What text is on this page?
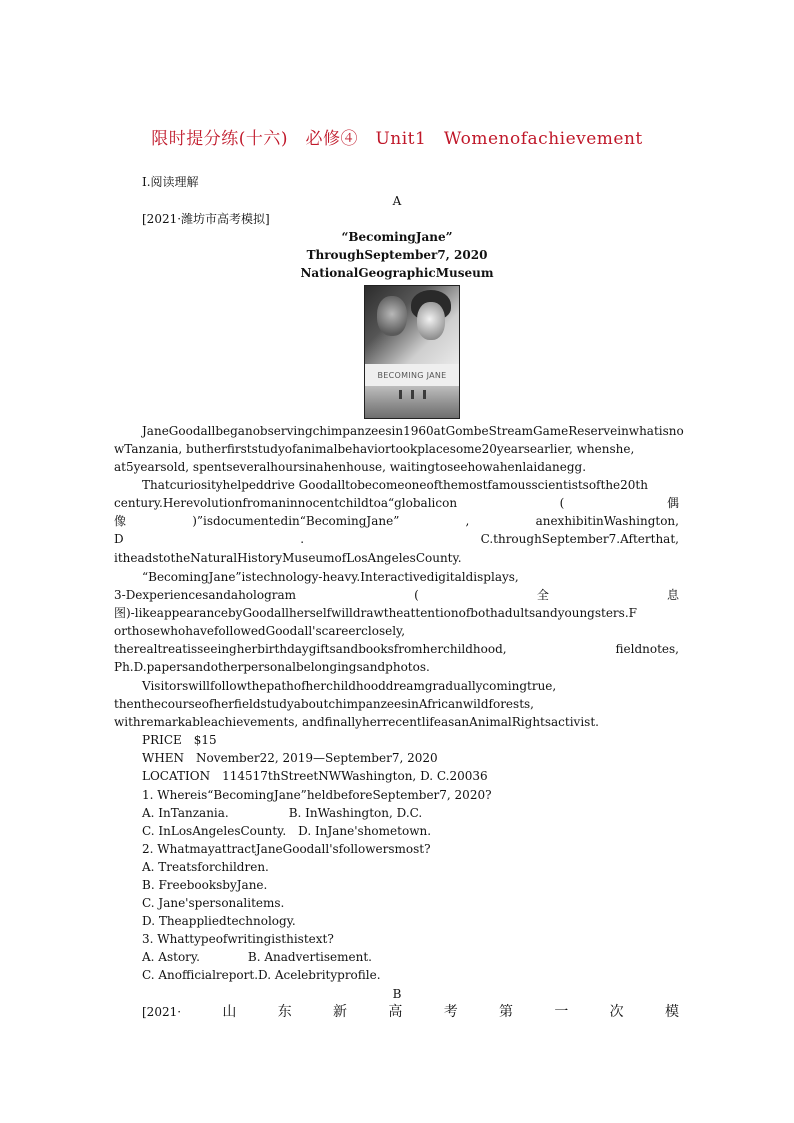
限时提分练(十六)　必修④　Unit1　Womenofachievement
Ⅰ.阅读理解
A
[2021·潍坊市高考模拟]
“BecomingJane”
ThroughSeptember7, 2020
NationalGeographicMuseum
BECOMING JANE
JaneGoodallbeganobservingchimpanzeesin1960atGombeStreamGameReserveinwhatisno
wTanzania, butherfirststudyofanimalbehaviortookplacesome20yearsearlier, whenshe,
at5yearsold, spentseveralhoursinahenhouse, waitingtoseehowahenlaidanegg.
Thatcuriosityhelpeddrive Goodalltobecomeoneofthemostfamousscientistsofthe20th
century.Herevolutionfromaninnocentchildtoa“globalicon	(	偶
像	)”isdocumentedin“BecomingJane”	,	anexhibitinWashington,
D	.	C.throughSeptember7.Afterthat,
itheadstotheNaturalHistoryMuseumofLosAngelesCounty.
“BecomingJane”istechnology-heavy.Interactivedigitaldisplays,
3-Dexperiencesandahologram	(	全	息
图)-likeappearancebyGoodallherselfwilldrawtheattentionofbothadultsandyoungsters.F
orthosewhohavefollowedGoodall'scareerclosely,
therealtreatisseeingherbirthdaygiftsandbooksfromherchildhood,	fieldnotes,
Ph.D.papersandotherpersonalbelongingsandphotos.
Visitorswillfollowthepathofherchildhooddreamgraduallycomingtrue,
thenthecourseofherfieldstudyaboutchimpanzeesinAfricanwildforests,
withremarkableachievements, andfinallyherrecentlifeasanAnimalRightsactivist.
PRICE　$15
WHEN　November22, 2019—September7, 2020
LOCATION　114517thStreetNWWashington, D. C.20036
1. Whereis“BecomingJane”heldbeforeSeptember7, 2020?
A. InTanzania.　　　　　B. InWashington, D.C.
C. InLosAngelesCounty.　D. InJane'shometown.
2. WhatmayattractJaneGoodall'sfollowersmost?
A. Treatsforchildren.
B. FreebooksbyJane.
C. Jane'spersonalitems.
D. Theappliedtechnology.
3. Whattypeofwritingisthistext?
A. Astory.　　　　B. Anadvertisement.
C. Anofficialreport.D. Acelebrityprofile.
B
[2021·	山	东	新	高	考	第	一	次	模
